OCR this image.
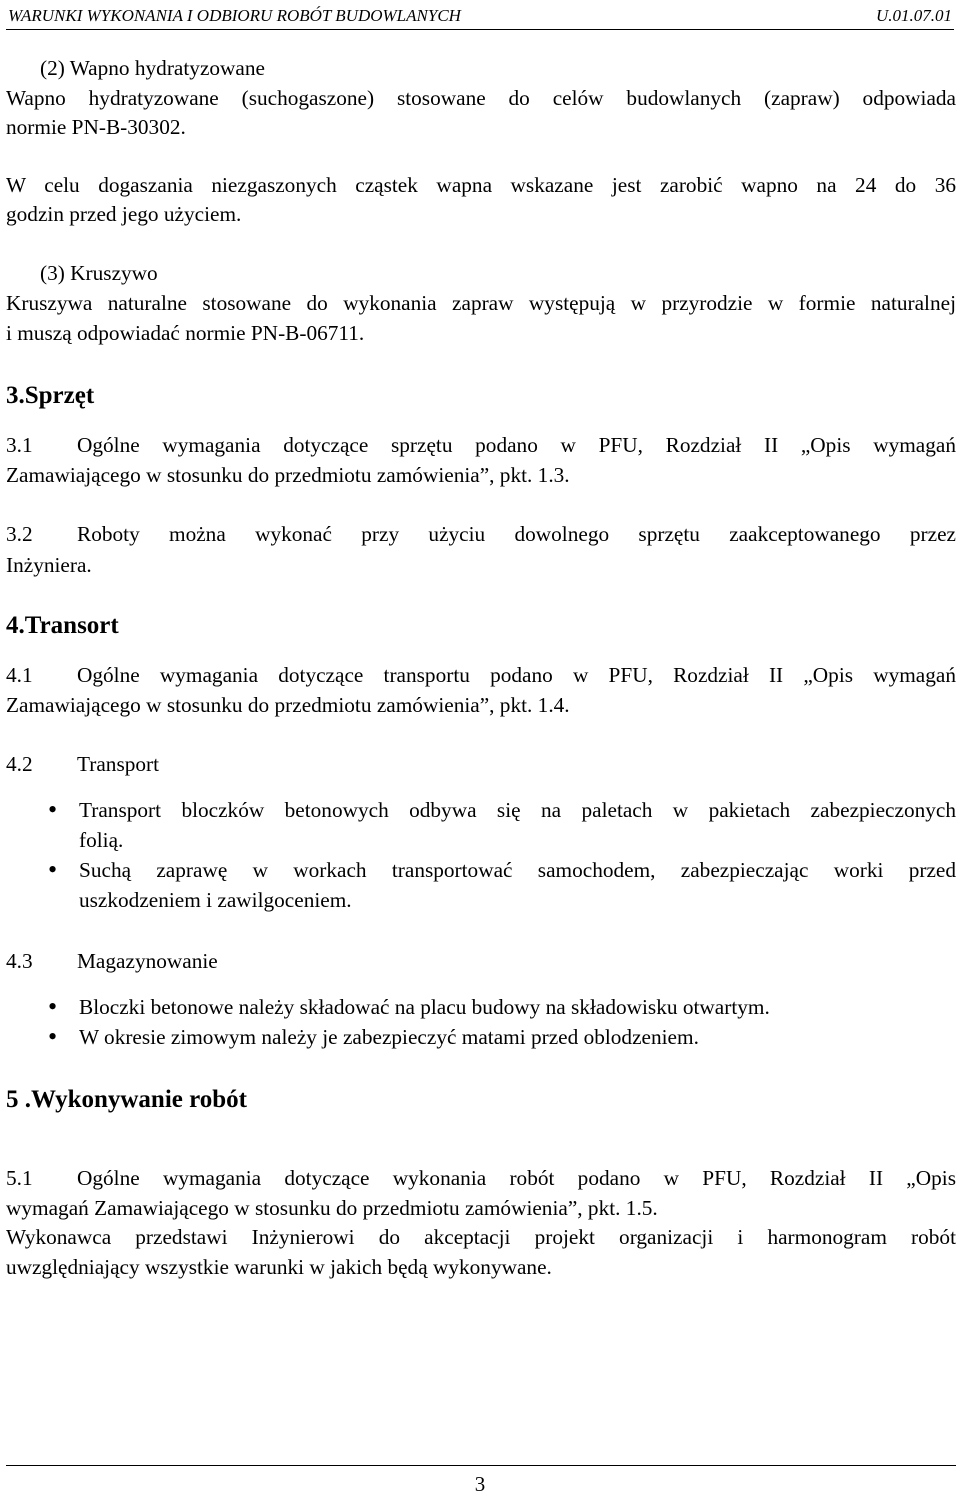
WARUNKI WYKONANIA I ODBIORU ROBÓT BUDOWLANYCH	U.01.07.01
(2) Wapno hydratyzowane
Wapno hydratyzowane (suchogaszone) stosowane do celów budowlanych (zapraw) odpowiada
normie PN-B-30302.
W celu dogaszania niezgaszonych cząstek wapna wskazane jest zarobić wapno na 24 do 36
godzin przed jego użyciem.
(3) Kruszywo
Kruszywa naturalne stosowane do wykonania zapraw występują w przyrodzie w formie naturalnej
i muszą odpowiadać normie PN-B-06711.
3.Sprzęt
3.1 Ogólne wymagania dotyczące sprzętu podano w PFU, Rozdział II „Opis wymagań
Zamawiającego w stosunku do przedmiotu zamówienia”, pkt. 1.3.
3.2 Roboty można wykonać przy użyciu dowolnego sprzętu zaakceptowanego przez
Inżyniera.
4.Transort
4.1 Ogólne wymagania dotyczące transportu podano w PFU, Rozdział II „Opis wymagań
Zamawiającego w stosunku do przedmiotu zamówienia”, pkt. 1.4.
4.2 Transport
•
Transport bloczków betonowych odbywa się na paletach w pakietach zabezpieczonych
folią.
•
Suchą zaprawę w workach transportować samochodem, zabezpieczając worki przed
uszkodzeniem i zawilgoceniem.
4.3 Magazynowanie
•
Bloczki betonowe należy składować na placu budowy na składowisku otwartym.
•
W okresie zimowym należy je zabezpieczyć matami przed oblodzeniem.
5 .Wykonywanie robót
5.1 Ogólne wymagania dotyczące wykonania robót podano w PFU, Rozdział II „Opis
wymagań Zamawiającego w stosunku do przedmiotu zamówienia”, pkt. 1.5.
Wykonawca przedstawi Inżynierowi do akceptacji projekt organizacji i harmonogram robót
uwzględniający wszystkie warunki w jakich będą wykonywane.
3
